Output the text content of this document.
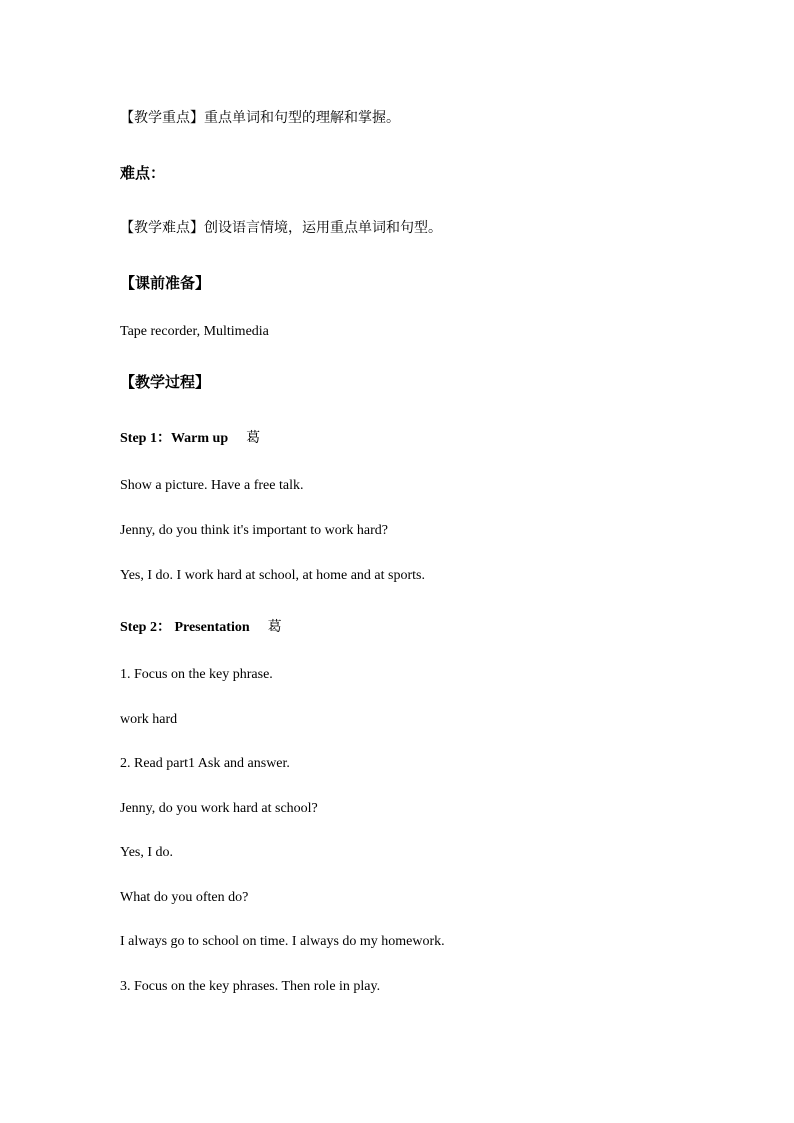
【教学重点】重点单词和句型的理解和掌握。
难点：
【教学难点】创设语言情境，运用重点单词和句型。
【课前准备】
Tape recorder, Multimedia
【教学过程】
Step 1：Warm up 葛
Show a picture. Have a free talk.
Jenny, do you think it's important to work hard?
Yes, I do. I work hard at school, at home and at sports.
Step 2： Presentation 葛
1. Focus on the key phrase.
work hard
2. Read part1 Ask and answer.
Jenny, do you work hard at school?
Yes, I do.
What do you often do?
I always go to school on time. I always do my homework.
3. Focus on the key phrases. Then role in play.
